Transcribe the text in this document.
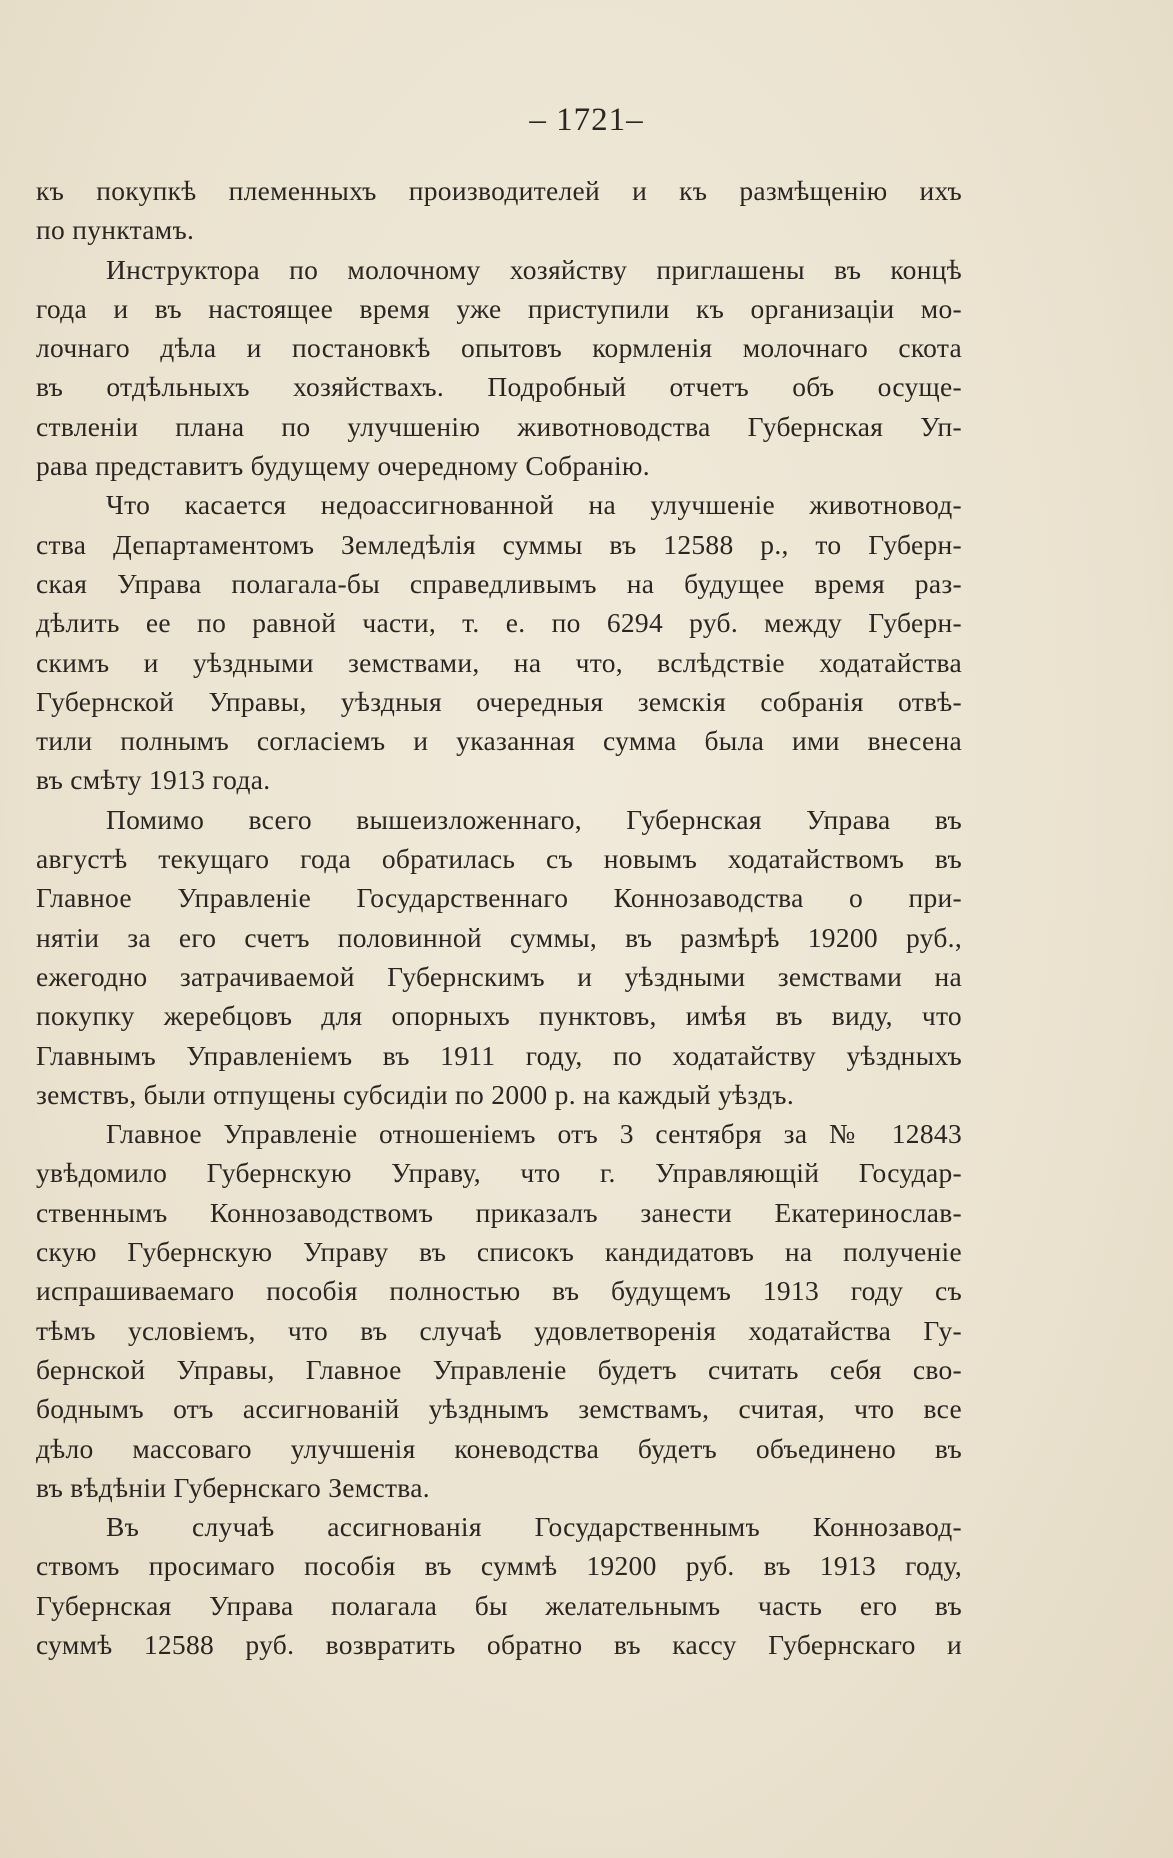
– 1721–
къ покупкѣ племенныхъ производителей и къ размѣщенію ихъ
по пунктамъ.
Инструктора по молочному хозяйству приглашены въ концѣ
года и въ настоящее время уже приступили къ организаціи мо-
лочнаго дѣла и постановкѣ опытовъ кормленія молочнаго скота
въ отдѣльныхъ хозяйствахъ. Подробный отчетъ объ осуще-
ствленіи плана по улучшенію животноводства Губернская Уп-
рава представитъ будущему очередному Собранію.
Что касается недоассигнованной на улучшеніе животновод-
ства Департаментомъ Земледѣлія суммы въ 12588 р., то Губерн-
ская Управа полагала-бы справедливымъ на будущее время раз-
дѣлить ее по равной части, т. е. по 6294 руб. между Губерн-
скимъ и уѣздными земствами, на что, вслѣдствіе ходатайства
Губернской Управы, уѣздныя очередныя земскія собранія отвѣ-
тили полнымъ согласіемъ и указанная сумма была ими внесена
въ смѣту 1913 года.
Помимо всего вышеизложеннаго, Губернская Управа въ
августѣ текущаго года обратилась съ новымъ ходатайствомъ въ
Главное Управленіе Государственнаго Коннозаводства о при-
нятіи за его счетъ половинной суммы, въ размѣрѣ 19200 руб.,
ежегодно затрачиваемой Губернскимъ и уѣздными земствами на
покупку жеребцовъ для опорныхъ пунктовъ, имѣя въ виду, что
Главнымъ Управленіемъ въ 1911 году, по ходатайству уѣздныхъ
земствъ, были отпущены субсидіи по 2000 р. на каждый уѣздъ.
Главное Управленіе отношеніемъ отъ 3 сентября за № 12843
увѣдомило Губернскую Управу, что г. Управляющій Государ-
ственнымъ Коннозаводствомъ приказалъ занести Екатеринослав-
скую Губернскую Управу въ списокъ кандидатовъ на полученіе
испрашиваемаго пособія полностью въ будущемъ 1913 году съ
тѣмъ условіемъ, что въ случаѣ удовлетворенія ходатайства Гу-
бернской Управы, Главное Управленіе будетъ считать себя сво-
боднымъ отъ ассигнованій уѣзднымъ земствамъ, считая, что все
дѣло массоваго улучшенія коневодства будетъ объединено въ
въ вѣдѣніи Губернскаго Земства.
Въ случаѣ ассигнованія Государственнымъ Коннозавод-
ствомъ просимаго пособія въ суммѣ 19200 руб. въ 1913 году,
Губернская Управа полагала бы желательнымъ часть его въ
суммѣ 12588 руб. возвратить обратно въ кассу Губернскаго и
